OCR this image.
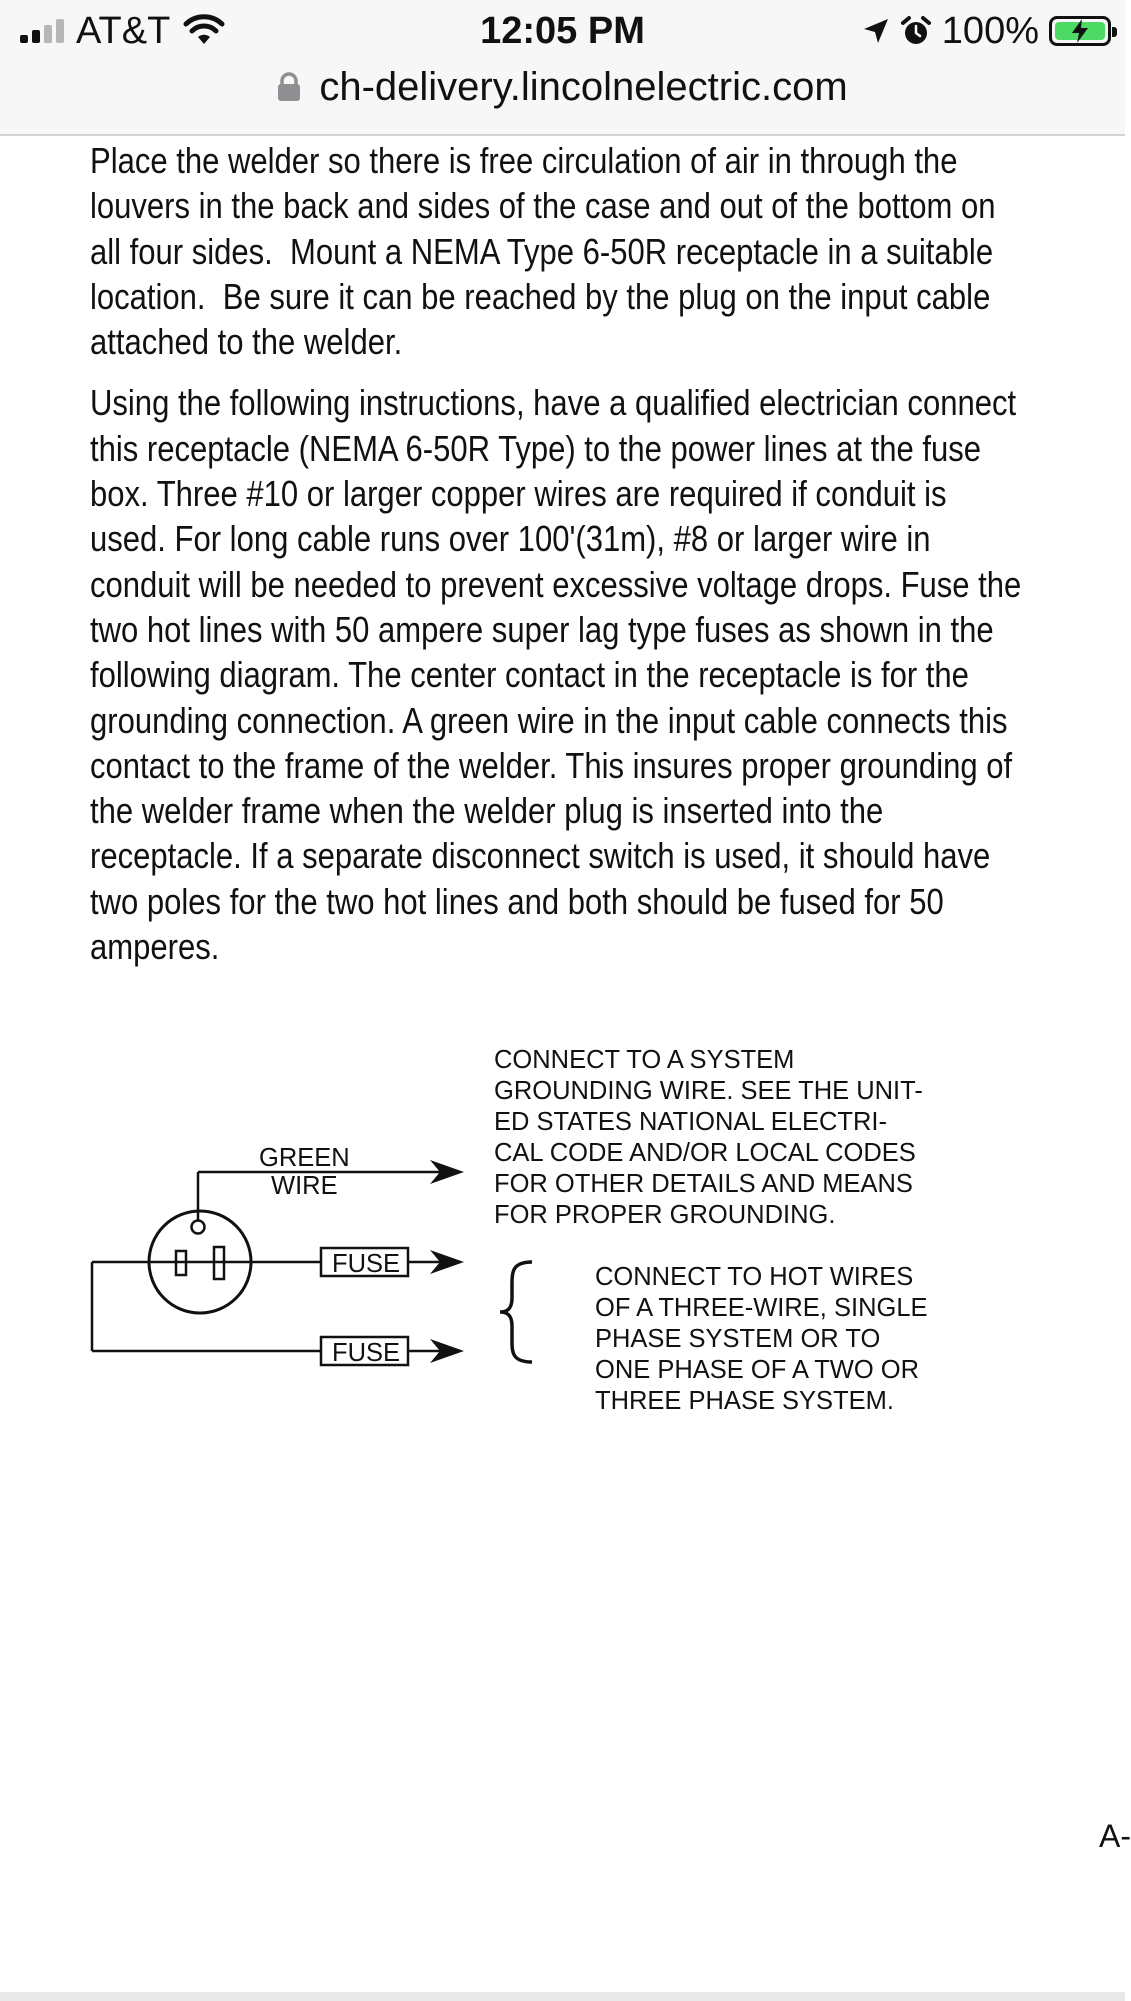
AT&T	12:05 PM	100%
ch-delivery.lincolnelectric.com

Place the welder so there is free circulation of air in through the
louvers in the back and sides of the case and out of the bottom on
all four sides.  Mount a NEMA Type 6-50R receptacle in a suitable
location.  Be sure it can be reached by the plug on the input cable
attached to the welder.

Using the following instructions, have a qualified electrician connect
this receptacle (NEMA 6-50R Type) to the power lines at the fuse
box. Three #10 or larger copper wires are required if conduit is
used. For long cable runs over 100'(31m), #8 or larger wire in
conduit will be needed to prevent excessive voltage drops. Fuse the
two hot lines with 50 ampere super lag type fuses as shown in the
following diagram. The center contact in the receptacle is for the
grounding connection. A green wire in the input cable connects this
contact to the frame of the welder. This insures proper grounding of
the welder frame when the welder plug is inserted into the
receptacle. If a separate disconnect switch is used, it should have
two poles for the two hot lines and both should be fused for 50
amperes.

GREEN
WIRE
FUSE
FUSE
CONNECT TO A SYSTEM
GROUNDING WIRE. SEE THE UNIT-
ED STATES NATIONAL ELECTRI-
CAL CODE AND/OR LOCAL CODES
FOR OTHER DETAILS AND MEANS
FOR PROPER GROUNDING.
CONNECT TO HOT WIRES
OF A THREE-WIRE, SINGLE
PHASE SYSTEM OR TO
ONE PHASE OF A TWO OR
THREE PHASE SYSTEM.
A-
